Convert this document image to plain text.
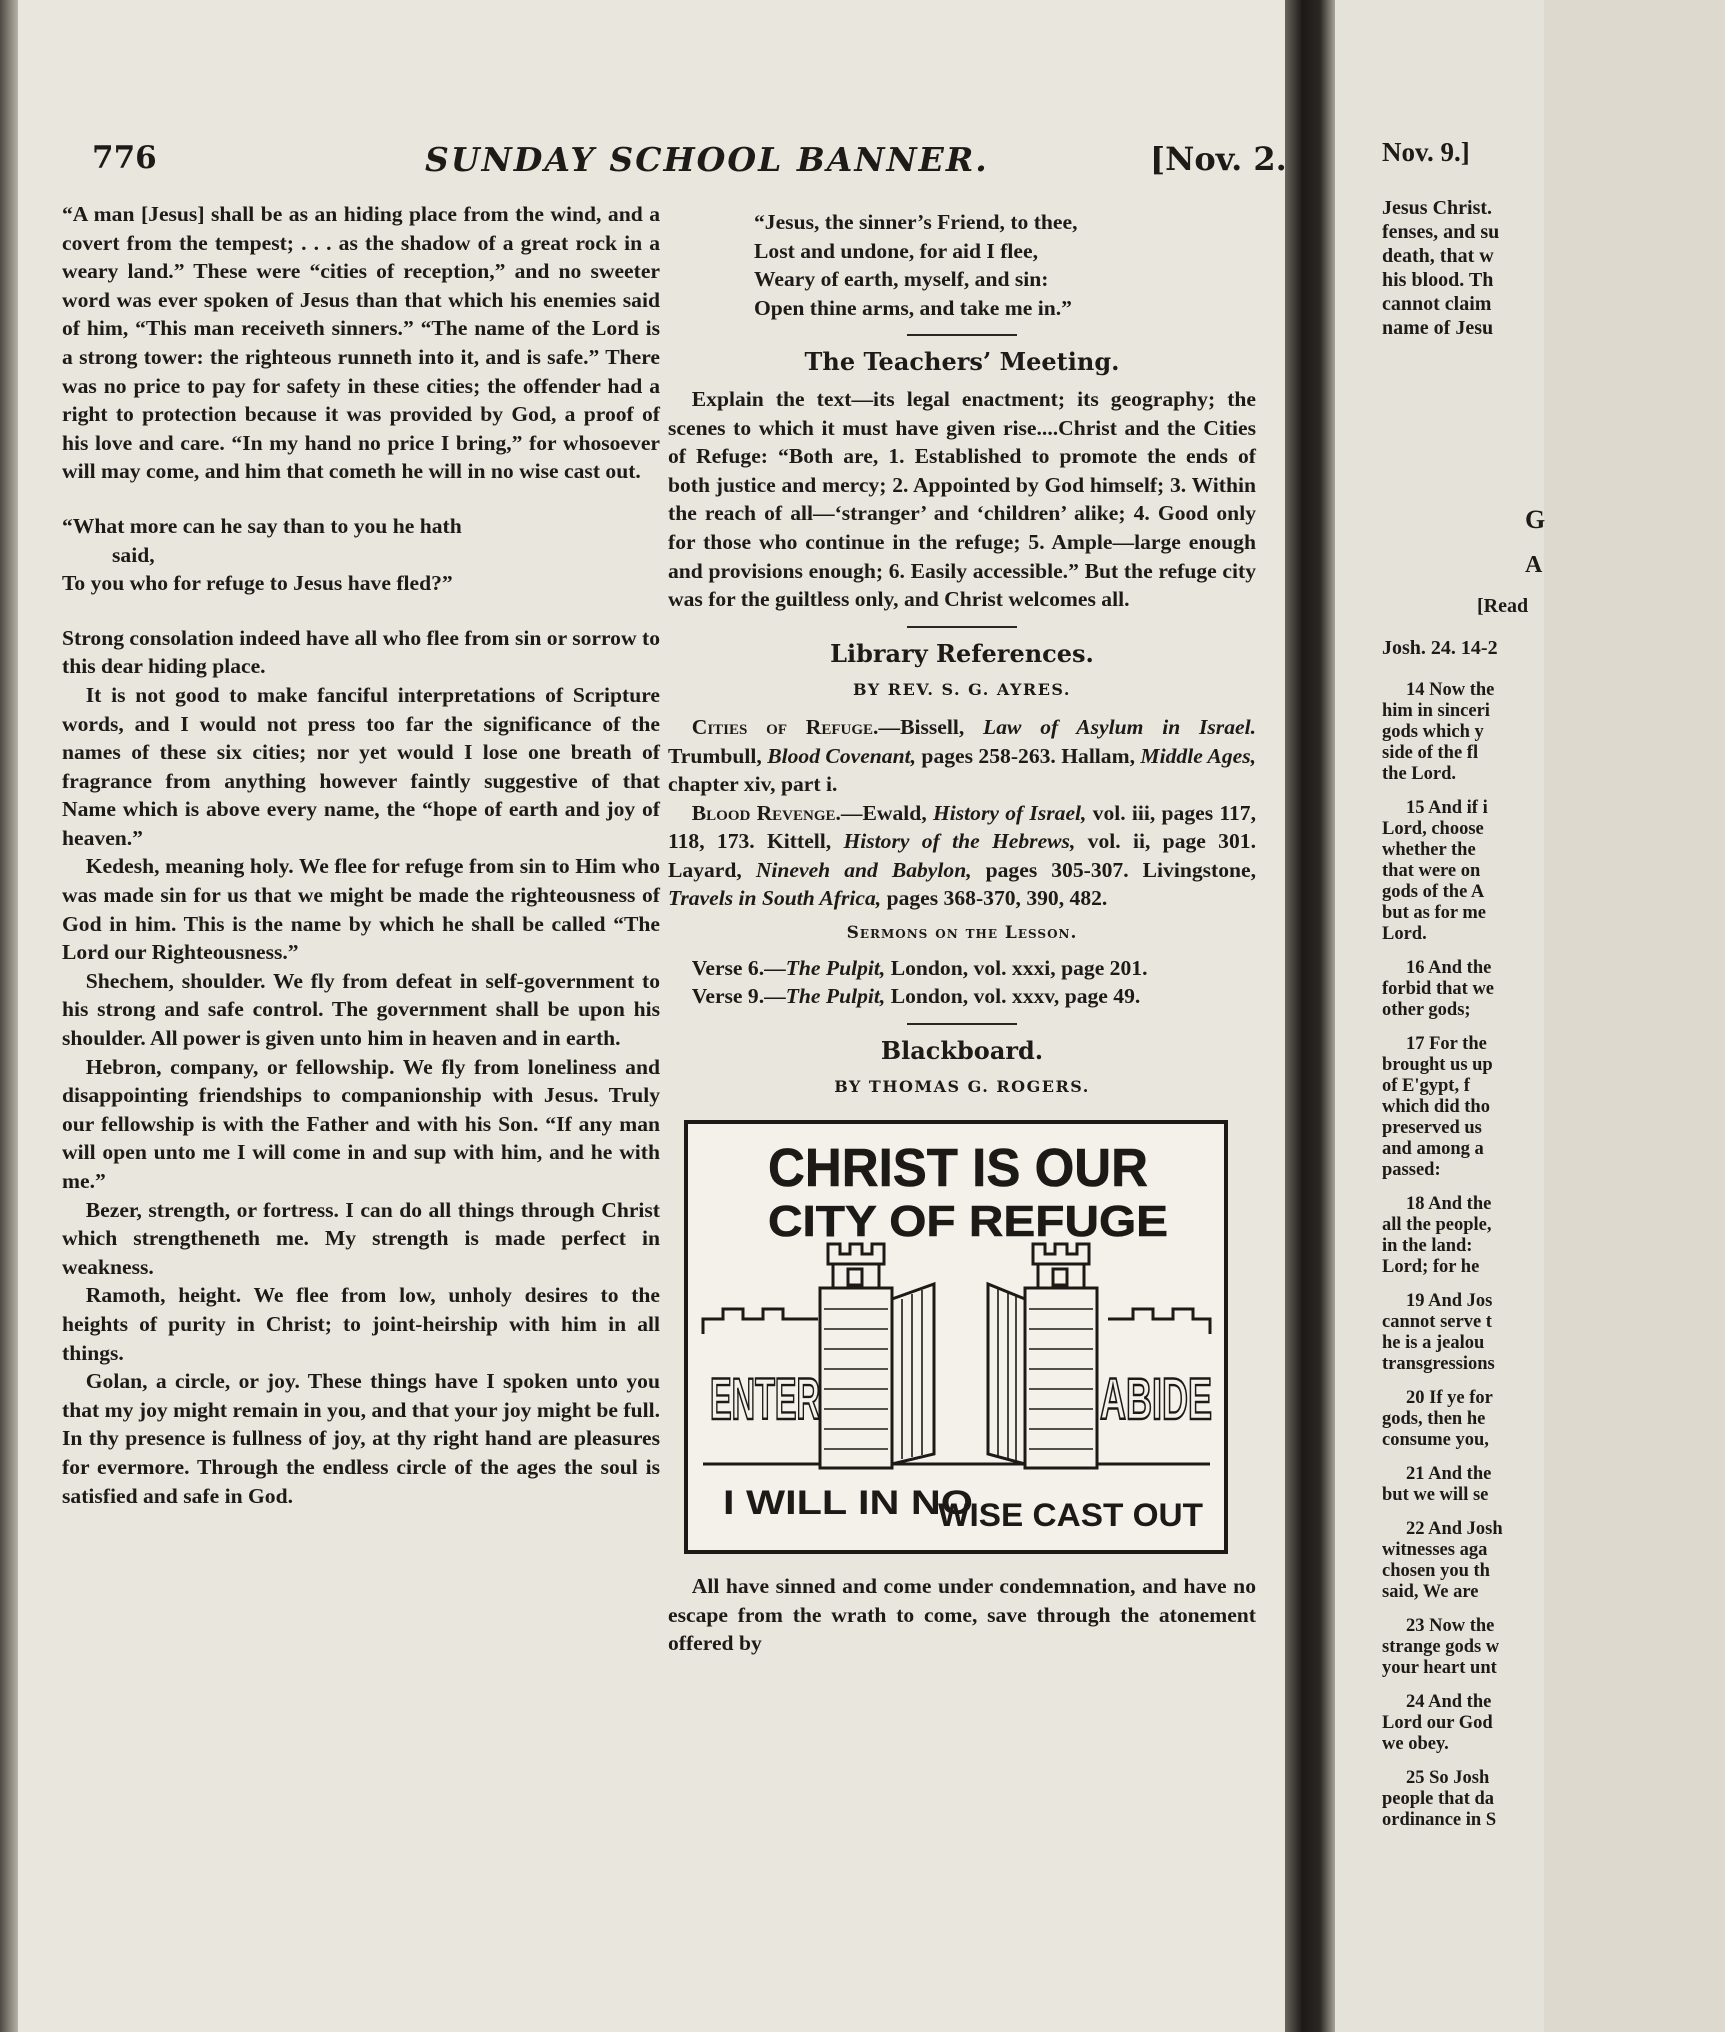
776	SUNDAY SCHOOL BANNER.	[Nov. 2.

“A man [Jesus] shall be as an hiding place from the wind, and a covert from the tempest; . . . as the shadow of a great rock in a weary land.” These were “cities of reception,” and no sweeter word was ever spoken of Jesus than that which his enemies said of him, “This man receiveth sinners.” “The name of the Lord is a strong tower: the righteous runneth into it, and is safe.” There was no price to pay for safety in these cities; the offender had a right to protection because it was provided by God, a proof of his love and care. “In my hand no price I bring,” for whosoever will may come, and him that cometh he will in no wise cast out.

“What more can he say than to you he hath
said,
To you who for refuge to Jesus have fled?”

Strong consolation indeed have all who flee from sin or sorrow to this dear hiding place.

It is not good to make fanciful interpretations of Scripture words, and I would not press too far the significance of the names of these six cities; nor yet would I lose one breath of fragrance from anything however faintly suggestive of that Name which is above every name, the “hope of earth and joy of heaven.”

Kedesh, meaning holy. We flee for refuge from sin to Him who was made sin for us that we might be made the righteousness of God in him. This is the name by which he shall be called “The Lord our Righteousness.”

Shechem, shoulder. We fly from defeat in self-government to his strong and safe control. The government shall be upon his shoulder. All power is given unto him in heaven and in earth.

Hebron, company, or fellowship. We fly from loneliness and disappointing friendships to companionship with Jesus. Truly our fellowship is with the Father and with his Son. “If any man will open unto me I will come in and sup with him, and he with me.”

Bezer, strength, or fortress. I can do all things through Christ which strengtheneth me. My strength is made perfect in weakness.

Ramoth, height. We flee from low, unholy desires to the heights of purity in Christ; to joint-heirship with him in all things.

Golan, a circle, or joy. These things have I spoken unto you that my joy might remain in you, and that your joy might be full. In thy presence is fullness of joy, at thy right hand are pleasures for evermore. Through the endless circle of the ages the soul is satisfied and safe in God.

“Jesus, the sinner’s Friend, to thee,
Lost and undone, for aid I flee,
Weary of earth, myself, and sin:
Open thine arms, and take me in.”
The Teachers’ Meeting.

Explain the text—its legal enactment; its geography; the scenes to which it must have given rise....Christ and the Cities of Refuge: “Both are, 1. Established to promote the ends of both justice and mercy; 2. Appointed by God himself; 3. Within the reach of all—‘stranger’ and ‘children’ alike; 4. Good only for those who continue in the refuge; 5. Ample—large enough and provisions enough; 6. Easily accessible.” But the refuge city was for the guiltless only, and Christ welcomes all.

Library References.
BY REV. S. G. AYRES.

Cities of Refuge.—Bissell, Law of Asylum in Israel. Trumbull, Blood Covenant, pages 258-263. Hallam, Middle Ages, chapter xiv, part i.

Blood Revenge.—Ewald, History of Israel, vol. iii, pages 117, 118, 173. Kittell, History of the Hebrews, vol. ii, page 301. Layard, Nineveh and Babylon, pages 305-307. Livingstone, Travels in South Africa, pages 368-370, 390, 482.

Sermons on the Lesson.

Verse 6.—The Pulpit, London, vol. xxxi, page 201.

Verse 9.—The Pulpit, London, vol. xxxv, page 49.

Blackboard.
BY THOMAS G. ROGERS.
CHRIST IS OUR
CITY OF REFUGE
ENTER	ABIDE
I WILL IN NO
WISE CAST OUT

All have sinned and come under condemnation, and have no escape from the wrath to come, save through the atonement offered by

Nov. 9.]
Jesus Christ.
fenses, and su
death, that w
his blood. Th
cannot claim
name of Jesu
G
A
[Read
Josh. 24. 14-2

14 Now the
him in sinceri
gods which y
side of the fl
the Lord.

15 And if i
Lord, choose
whether the
that were on
gods of the A
but as for me
Lord.

16 And the
forbid that we
other gods;

17 For the
brought us up
of E'gypt, f
which did tho
preserved us
and among a
passed:

18 And the
all the people,
in the land:
Lord; for he

19 And Jos
cannot serve t
he is a jealou
transgressions

20 If ye for
gods, then he
consume you,

21 And the
but we will se

22 And Josh
witnesses aga
chosen you th
said, We are

23 Now the
strange gods w
your heart unt

24 And the
Lord our God
we obey.

25 So Josh
people that da
ordinance in S
